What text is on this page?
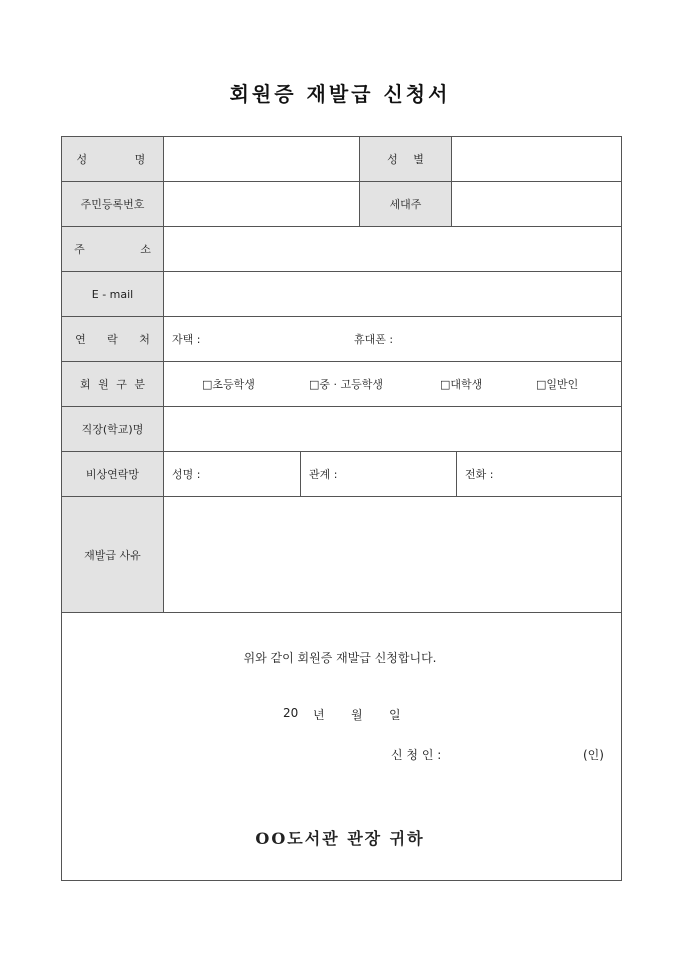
회원증 재발급 신청서
성 명	성 별
주민등록번호	세대주
주 소
E - mail
연 락 처 자택 :	휴대폰 :
회 원 구 분	□초등학생	□중 · 고등학생	□대학생	□일반인
직장(학교)명
비상연락망	성명 :	관계 :	전화 :
재발급 사유
위와 같이 회원증 재발급 신청합니다.
20 년 월 일
신 청 인 :	(인)
OO도서관 관장 귀하
